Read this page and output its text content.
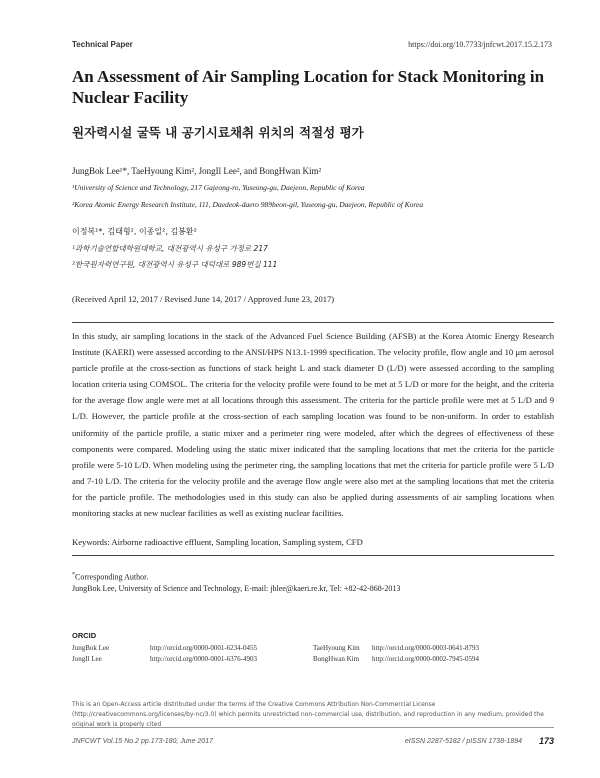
Technical Paper	https://doi.org/10.7733/jnfcwt.2017.15.2.173
An Assessment of Air Sampling Location for Stack Monitoring in Nuclear Facility
원자력시설 굴뚝 내 공기시료채취 위치의 적절성 평가
JungBok Lee¹*, TaeHyoung Kim², JongIl Lee², and BongHwan Kim²
¹University of Science and Technology, 217 Gajeong-ro, Yuseong-gu, Daejeon, Republic of Korea
²Korea Atomic Energy Research Institute, 111, Daedeok-daero 989beon-gil, Yuseong-gu, Daejeon, Republic of Korea
이정복¹*, 김태형², 이종일², 김봉환²
¹과학기술연합대학원대학교, 대전광역시 유성구 가정로 217
²한국원자력연구원, 대전광역시 유성구 대덕대로 989번길 111
(Received April 12, 2017 / Revised June 14, 2017 / Approved June 23, 2017)
In this study, air sampling locations in the stack of the Advanced Fuel Science Building (AFSB) at the Korea Atomic Energy Research Institute (KAERI) were assessed according to the ANSI/HPS N13.1-1999 specification. The velocity profile, flow angle and 10 μm aerosol particle profile at the cross-section as functions of stack height L and stack diameter D (L/D) were assessed according to the sampling location criteria using COMSOL. The criteria for the velocity profile were found to be met at 5 L/D or more for the height, and the criteria for the average flow angle were met at all locations through this assessment. The criteria for the particle profile were met at 5 L/D and 9 L/D. However, the particle profile at the cross-section of each sampling location was found to be non-uniform. In order to establish uniformity of the particle profile, a static mixer and a perimeter ring were modeled, after which the degrees of effectiveness of these components were compared. Modeling using the static mixer indicated that the sampling locations that met the criteria for the particle profile were 5-10 L/D. When modeling using the perimeter ring, the sampling locations that met the criteria for particle profile were 5 L/D and 7-10 L/D. The criteria for the velocity profile and the average flow angle were also met at the sampling locations that met the criteria for the particle profile. The methodologies used in this study can also be applied during assessments of air sampling locations when monitoring stacks at new nuclear facilities as well as existing nuclear facilities.
Keywords: Airborne radioactive effluent, Sampling location, Sampling system, CFD
*Corresponding Author.
JungBok Lee, University of Science and Technology, E-mail: jblee@kaeri.re.kr, Tel: +82-42-868-2013
ORCID
JungBok Lee	http://orcid.org/0000-0001-6234-0455	TaeHyoung Kim http://orcid.org/0000-0003-0641-8793
JongIl Lee	http://orcid.org/0000-0001-6376-4903	BongHwan Kim http://orcid.org/0000-0002-7945-0594
This is an Open-Access article distributed under the terms of the Creative Commons Attribution Non-Commercial License (http://creativecommons.org/licenses/by-nc/3.0) which permits unrestricted non-commercial use, distribution, and reproduction in any medium, provided the original work is properly cited
JNFCWT Vol.15 No.2 pp.173-180, June 2017	eISSN 2287-5182 / pISSN 1738-1894 173
